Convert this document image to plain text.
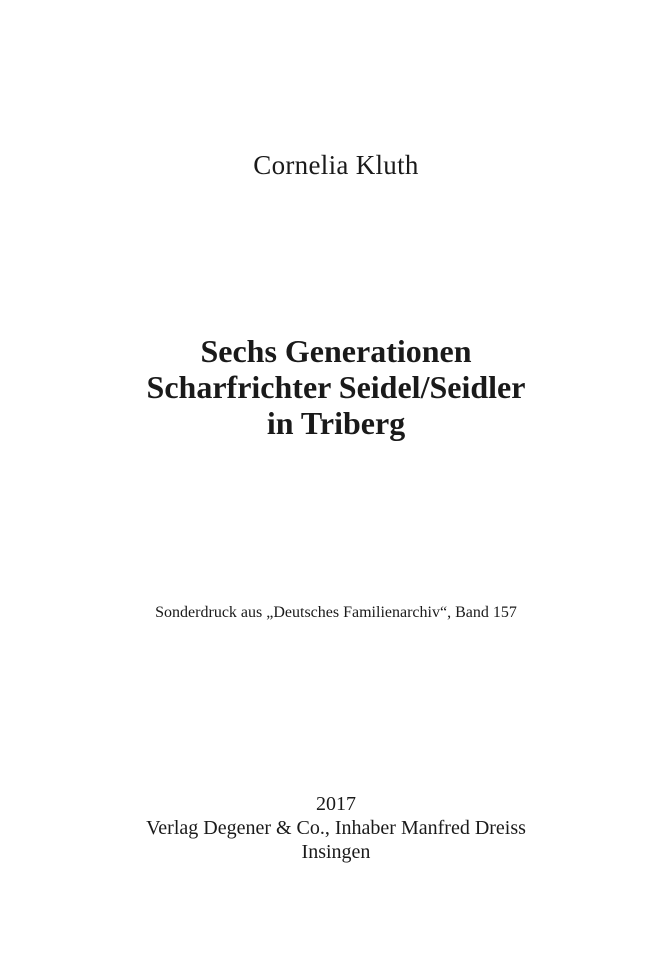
Cornelia Kluth

Sechs Generationen
Scharfrichter Seidel/Seidler
in Triberg

Sonderdruck aus „Deutsches Familienarchiv“, Band 157

2017
Verlag Degener & Co., Inhaber Manfred Dreiss
Insingen
